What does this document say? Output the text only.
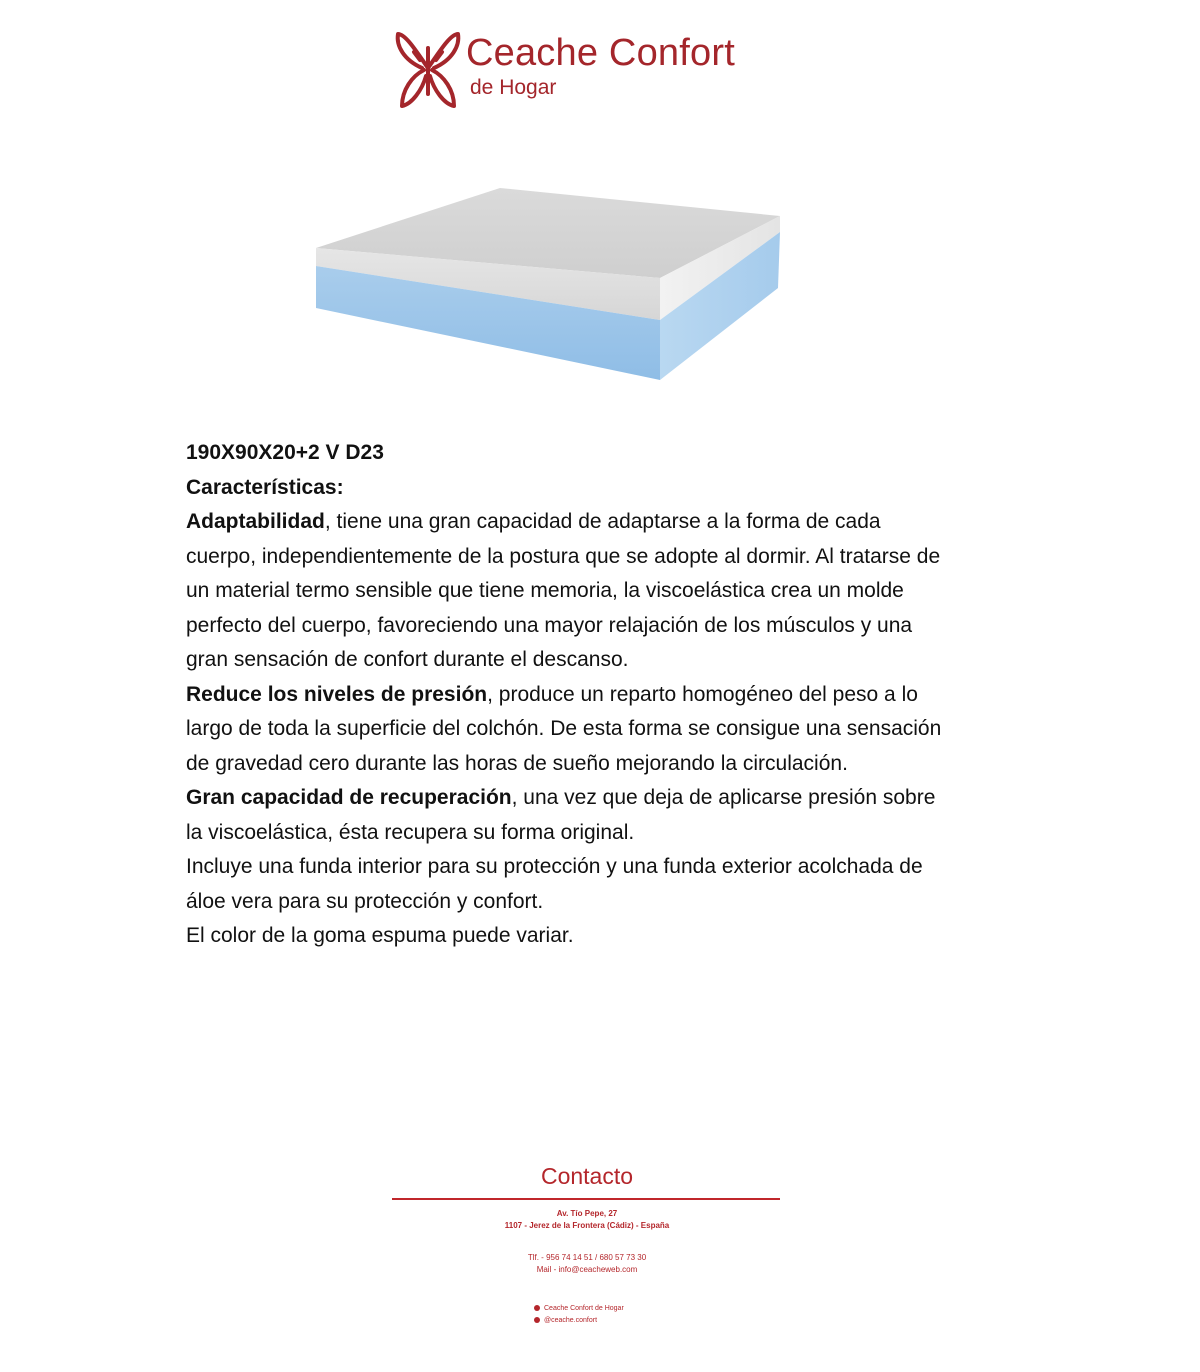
Ceache Confort
de Hogar

190X90X20+2 V D23

Características:

Adaptabilidad, tiene una gran capacidad de adaptarse a la forma de cada cuerpo, independientemente de la postura que se adopte al dormir. Al tratarse de un material termo sensible que tiene memoria, la viscoelástica crea un molde perfecto del cuerpo, favoreciendo una mayor relajación de los músculos y una gran sensación de confort durante el descanso.

Reduce los niveles de presión, produce un reparto homogéneo del peso a lo largo de toda la superficie del colchón. De esta forma se consigue una sensación de gravedad cero durante las horas de sueño mejorando la circulación.

Gran capacidad de recuperación, una vez que deja de aplicarse presión sobre la viscoelástica, ésta recupera su forma original.

Incluye una funda interior para su protección y una funda exterior acolchada de áloe vera para su protección y confort.

El color de la goma espuma puede variar.

Contacto
Av. Tío Pepe, 27
1107 - Jerez de la Frontera (Cádiz) - España
Tlf. - 956 74 14 51 / 680 57 73 30
Mail - info@ceacheweb.com
Ceache Confort de Hogar
@ceache.confort
